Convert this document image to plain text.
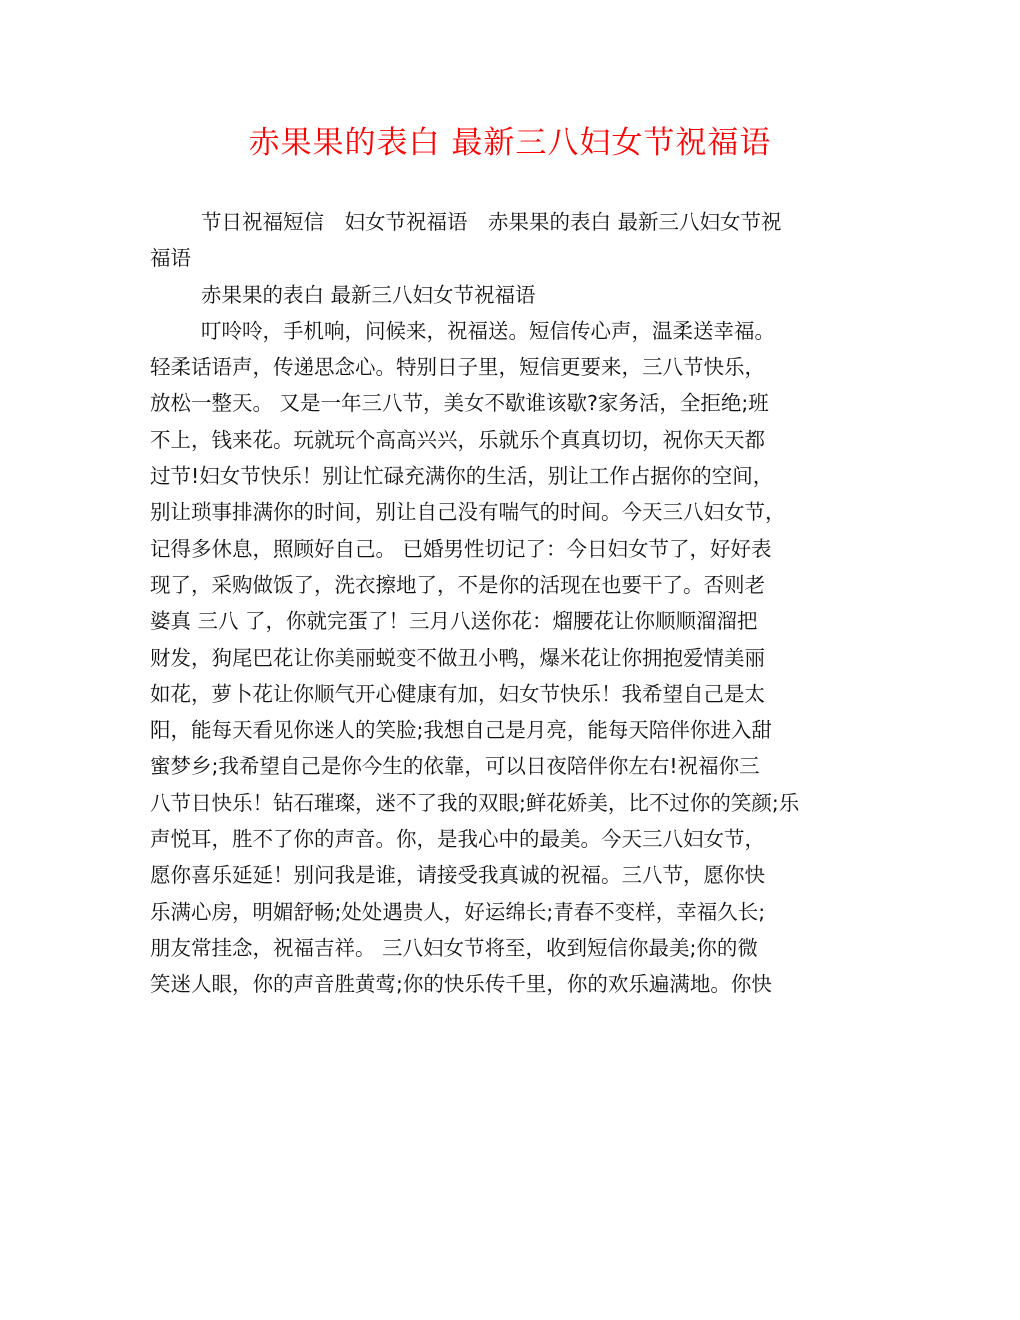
赤果果的表白 最新三八妇女节祝福语
节日祝福短信　妇女节祝福语　赤果果的表白 最新三八妇女节祝
福语
赤果果的表白 最新三八妇女节祝福语
叮呤呤，手机响，问候来，祝福送。短信传心声，温柔送幸福。
轻柔话语声，传递思念心。特别日子里，短信更要来，三八节快乐，
放松一整天。 又是一年三八节，美女不歇谁该歇?家务活，全拒绝;班
不上，钱来花。玩就玩个高高兴兴，乐就乐个真真切切，祝你天天都
过节!妇女节快乐！别让忙碌充满你的生活，别让工作占据你的空间，
别让琐事排满你的时间，别让自己没有喘气的时间。今天三八妇女节，
记得多休息，照顾好自己。 已婚男性切记了：今日妇女节了，好好表
现了，采购做饭了，洗衣擦地了，不是你的活现在也要干了。否则老
婆真 三八 了，你就完蛋了！三月八送你花：熘腰花让你顺顺溜溜把
财发，狗尾巴花让你美丽蜕变不做丑小鸭，爆米花让你拥抱爱情美丽
如花，萝卜花让你顺气开心健康有加，妇女节快乐！我希望自己是太
阳，能每天看见你迷人的笑脸;我想自己是月亮，能每天陪伴你进入甜
蜜梦乡;我希望自己是你今生的依靠，可以日夜陪伴你左右!祝福你三
八节日快乐！钻石璀璨，迷不了我的双眼;鲜花娇美，比不过你的笑颜;乐
声悦耳，胜不了你的声音。你，是我心中的最美。今天三八妇女节，
愿你喜乐延延！别问我是谁，请接受我真诚的祝福。三八节，愿你快
乐满心房，明媚舒畅;处处遇贵人，好运绵长;青春不变样，幸福久长;
朋友常挂念，祝福吉祥。 三八妇女节将至，收到短信你最美;你的微
笑迷人眼，你的声音胜黄莺;你的快乐传千里，你的欢乐遍满地。你快
